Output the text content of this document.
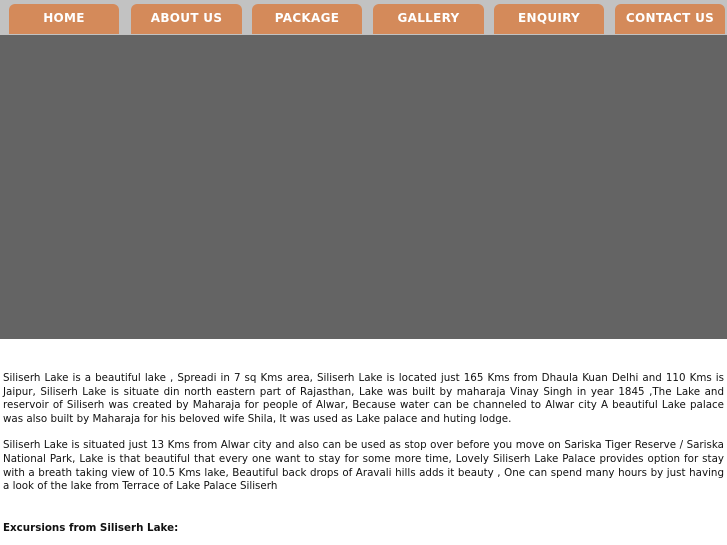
HOME	ABOUT US	PACKAGE	GALLERY	ENQUIRY	CONTACT US

Siliserh Lake is a beautiful lake , Spreadi in 7 sq Kms area, Siliserh Lake is located just 165 Kms from Dhaula Kuan Delhi and 110 Kms is Jaipur, Siliserh Lake is situate din north eastern part of Rajasthan, Lake was built by maharaja Vinay Singh in year 1845 ,The Lake and reservoir of Siliserh was created by Maharaja for people of Alwar, Because water can be channeled to Alwar city A beautiful Lake palace was also built by Maharaja for his beloved wife Shila, It was used as Lake palace and huting lodge.

Siliserh Lake is situated just 13 Kms from Alwar city and also can be used as stop over before you move on Sariska Tiger Reserve / Sariska National Park, Lake is that beautiful that every one want to stay for some more time, Lovely Siliserh Lake Palace provides option for stay with a breath taking view of 10.5 Kms lake, Beautiful back drops of Aravali hills adds it beauty , One can spend many hours by just having a look of the lake from Terrace of Lake Palace Siliserh

Excursions from Siliserh Lake:
